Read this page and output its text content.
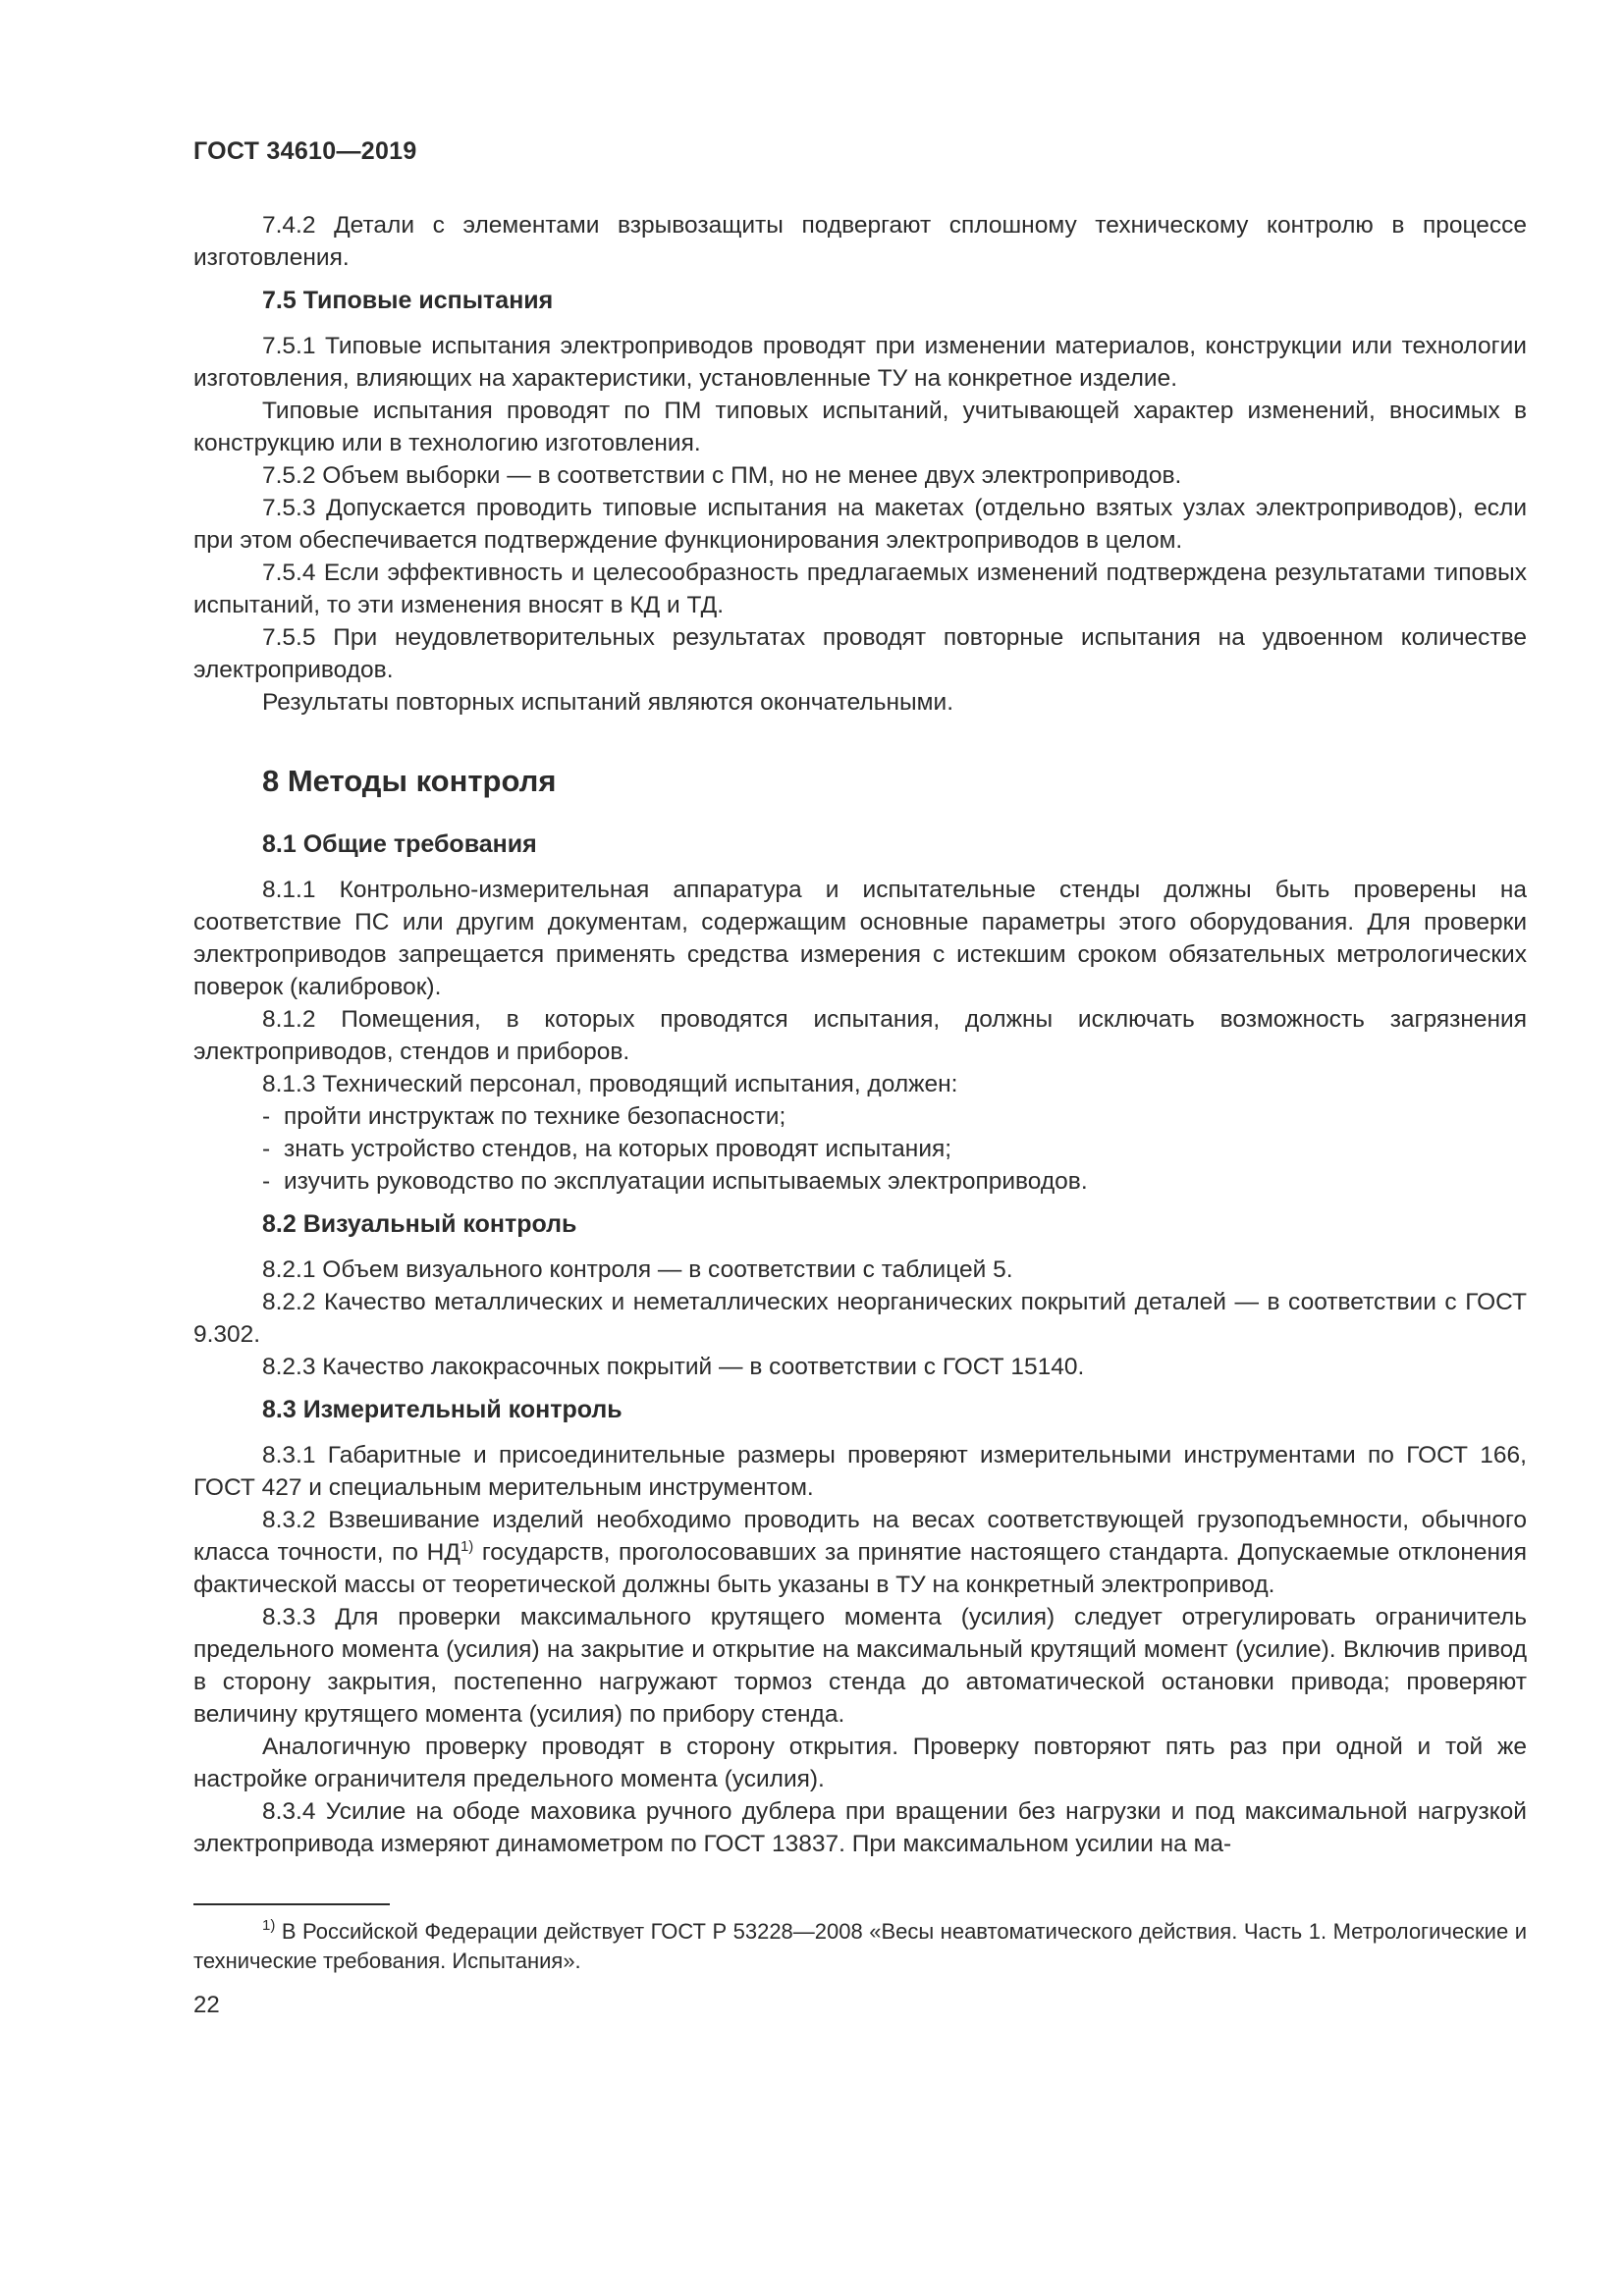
ГОСТ 34610—2019

7.4.2 Детали с элементами взрывозащиты подвергают сплошному техническому контролю в процессе изготовления.

7.5 Типовые испытания

7.5.1 Типовые испытания электроприводов проводят при изменении материалов, конструкции или технологии изготовления, влияющих на характеристики, установленные ТУ на конкретное изделие.

Типовые испытания проводят по ПМ типовых испытаний, учитывающей характер изменений, вносимых в конструкцию или в технологию изготовления.

7.5.2 Объем выборки — в соответствии с ПМ, но не менее двух электроприводов.

7.5.3 Допускается проводить типовые испытания на макетах (отдельно взятых узлах электроприводов), если при этом обеспечивается подтверждение функционирования электроприводов в целом.

7.5.4 Если эффективность и целесообразность предлагаемых изменений подтверждена результатами типовых испытаний, то эти изменения вносят в КД и ТД.

7.5.5 При неудовлетворительных результатах проводят повторные испытания на удвоенном количестве электроприводов.

Результаты повторных испытаний являются окончательными.

8 Методы контроля
8.1 Общие требования

8.1.1 Контрольно-измерительная аппаратура и испытательные стенды должны быть проверены на соответствие ПС или другим документам, содержащим основные параметры этого оборудования. Для проверки электроприводов запрещается применять средства измерения с истекшим сроком обязательных метрологических поверок (калибровок).

8.1.2 Помещения, в которых проводятся испытания, должны исключать возможность загрязнения электроприводов, стендов и приборов.

8.1.3 Технический персонал, проводящий испытания, должен:

- пройти инструктаж по технике безопасности;
- знать устройство стендов, на которых проводят испытания;
- изучить руководство по эксплуатации испытываемых электроприводов.
8.2 Визуальный контроль

8.2.1 Объем визуального контроля — в соответствии с таблицей 5.

8.2.2 Качество металлических и неметаллических неорганических покрытий деталей — в соответствии с ГОСТ 9.302.

8.2.3 Качество лакокрасочных покрытий — в соответствии с ГОСТ 15140.

8.3 Измерительный контроль

8.3.1 Габаритные и присоединительные размеры проверяют измерительными инструментами по ГОСТ 166, ГОСТ 427 и специальным мерительным инструментом.

8.3.2 Взвешивание изделий необходимо проводить на весах соответствующей грузоподъемности, обычного класса точности, по НД$^{1)}$ государств, проголосовавших за принятие настоящего стандарта. Допускаемые отклонения фактической массы от теоретической должны быть указаны в ТУ на конкретный электропривод.

8.3.3 Для проверки максимального крутящего момента (усилия) следует отрегулировать ограничитель предельного момента (усилия) на закрытие и открытие на максимальный крутящий момент (усилие). Включив привод в сторону закрытия, постепенно нагружают тормоз стенда до автоматической остановки привода; проверяют величину крутящего момента (усилия) по прибору стенда.

Аналогичную проверку проводят в сторону открытия. Проверку повторяют пять раз при одной и той же настройке ограничителя предельного момента (усилия).

8.3.4 Усилие на ободе маховика ручного дублера при вращении без нагрузки и под максимальной нагрузкой электропривода измеряют динамометром по ГОСТ 13837. При максимальном усилии на ма-

$^{1)}$ В Российской Федерации действует ГОСТ Р 53228—2008 «Весы неавтоматического действия. Часть 1. Метрологические и технические требования. Испытания».

22
